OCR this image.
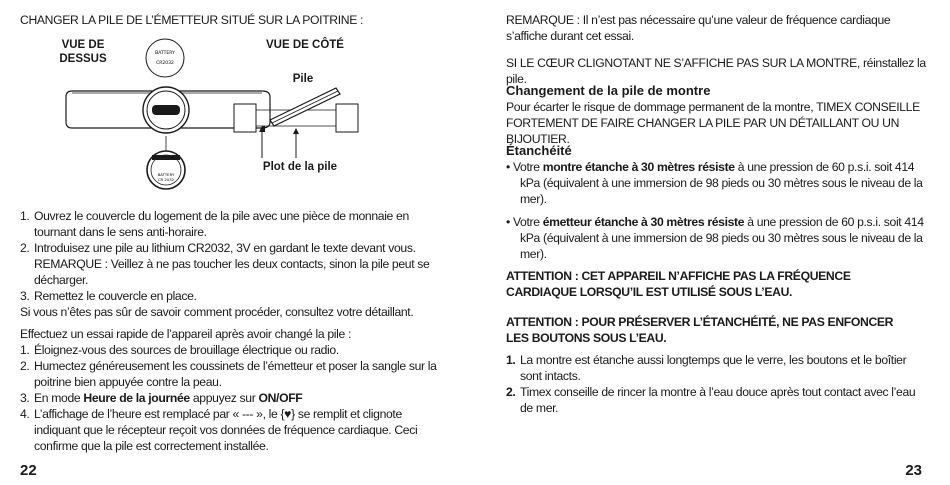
CHANGER LA PILE DE L’ÉMETTEUR SITUÉ SUR LA POITRINE :

VUE DE DESSUS
VUE DE CÔTÉ
Pile
Plot de la pile
BATTERY
CR2032
BATTERY
CR 2032
1. Ouvrez le couvercle du logement de la pile avec une pièce de monnaie en tournant dans le sens anti-horaire.
2. Introduisez une pile au lithium CR2032, 3V en gardant le texte devant vous.
REMARQUE : Veillez à ne pas toucher les deux contacts, sinon la pile peut se décharger.
3. Remettez le couvercle en place.

Si vous n’êtes pas sûr de savoir comment procéder, consultez votre détaillant.

Effectuez un essai rapide de l’appareil après avoir changé la pile :

1. Éloignez-vous des sources de brouillage électrique ou radio.
2. Humectez généreusement les coussinets de l’émetteur et poser la sangle sur la poitrine bien appuyée contre la peau.
3. En mode Heure de la journée appuyez sur ON/OFF
4. L’affichage de l’heure est remplacé par « --- », le {♥} se remplit et clignote indiquant que le récepteur reçoit vos données de fréquence cardiaque. Ceci confirme que la pile est correctement installée.
22

REMARQUE : Il n’est pas nécessaire qu’une valeur de fréquence cardiaque s’affiche durant cet essai.

SI LE CŒUR CLIGNOTANT NE S’AFFICHE PAS SUR LA MONTRE, réinstallez la pile.

Changement de la pile de montre

Pour écarter le risque de dommage permanent de la montre, TIMEX CONSEILLE FORTEMENT DE FAIRE CHANGER LA PILE PAR UN DÉTAILLANT OU UN BIJOUTIER.

Étanchéité

• Votre montre étanche à 30 mètres résiste à une pression de 60 p.s.i. soit 414 kPa (équivalent à une immersion de 98 pieds ou 30 mètres sous le niveau de la mer).

• Votre émetteur étanche à 30 mètres résiste à une pression de 60 p.s.i. soit 414 kPa (équivalent à une immersion de 98 pieds ou 30 mètres sous le niveau de la mer).

ATTENTION : CET APPAREIL N’AFFICHE PAS LA FRÉQUENCE CARDIAQUE LORSQU’IL EST UTILISÉ SOUS L’EAU.

ATTENTION : POUR PRÉSERVER L’ÉTANCHÉITÉ, NE PAS ENFONCER LES BOUTONS SOUS L’EAU.

1. La montre est étanche aussi longtemps que le verre, les boutons et le boîtier sont intacts.
2. Timex conseille de rincer la montre à l’eau douce après tout contact avec l’eau de mer.
23
